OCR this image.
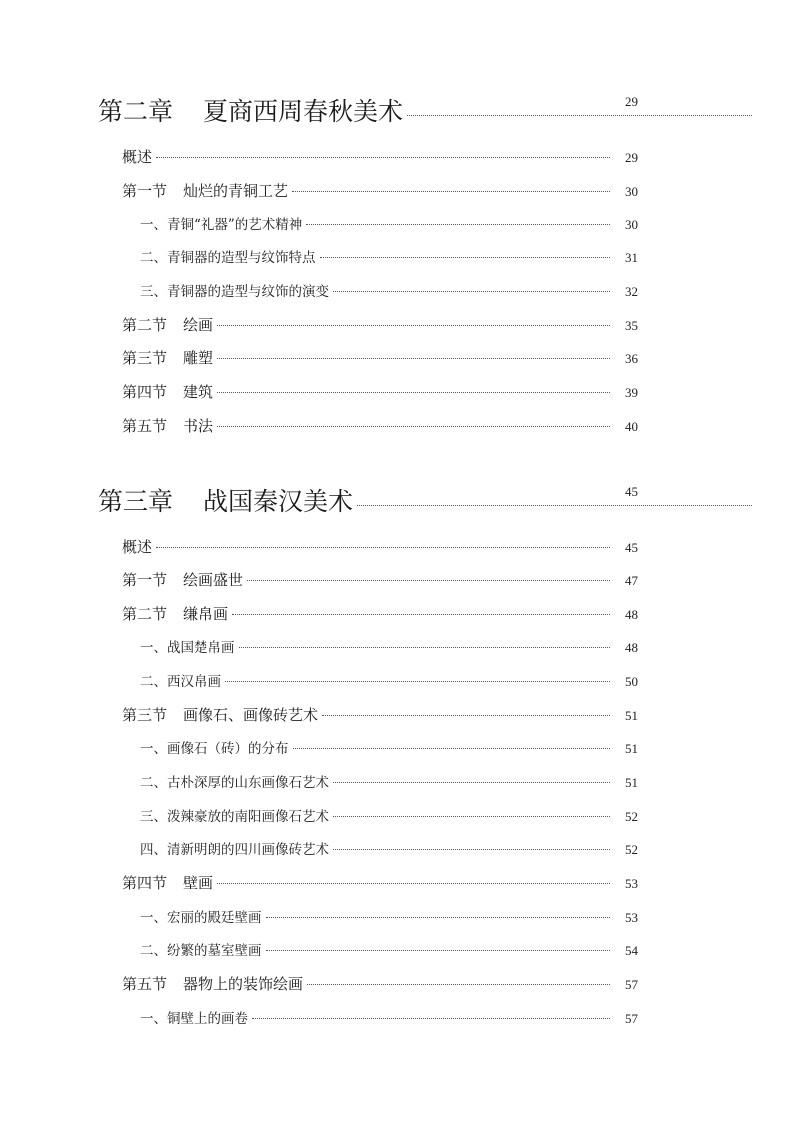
第二章 夏商西周春秋美术	29
概述	29
第一节 灿烂的青铜工艺	30
一、青铜“礼器”的艺术精神	30
二、青铜器的造型与纹饰特点	31
三、青铜器的造型与纹饰的演变	32
第二节 绘画	35
第三节 雕塑	36
第四节 建筑	39
第五节 书法	40
第三章 战国秦汉美术	45
概述	45
第一节 绘画盛世	47
第二节 缣帛画	48
一、战国楚帛画	48
二、西汉帛画	50
第三节 画像石、画像砖艺术	51
一、画像石（砖）的分布	51
二、古朴深厚的山东画像石艺术	51
三、泼辣豪放的南阳画像石艺术	52
四、清新明朗的四川画像砖艺术	52
第四节 壁画	53
一、宏丽的殿廷壁画	53
二、纷繁的墓室壁画	54
第五节 器物上的装饰绘画	57
一、铜壁上的画卷	57
